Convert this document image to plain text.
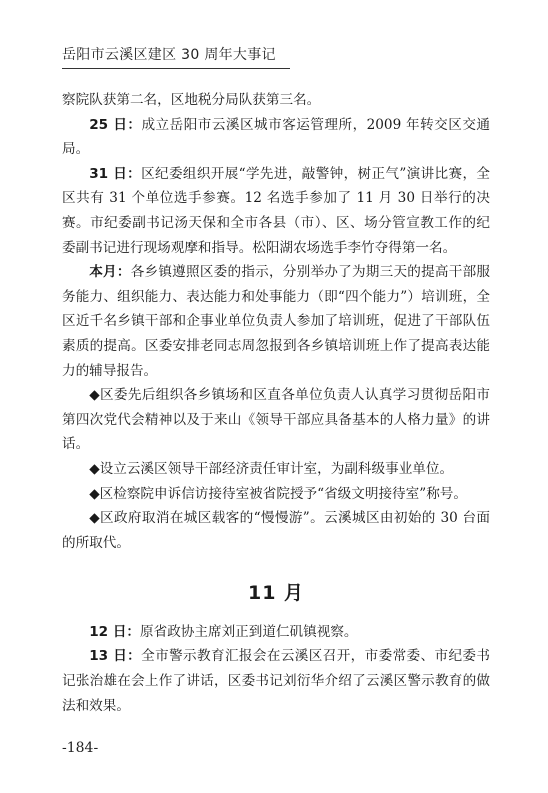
岳阳市云溪区建区 30 周年大事记

察院队获第二名，区地税分局队获第三名。

25 日：成立岳阳市云溪区城市客运管理所，2009 年转交区交通局。

31 日：区纪委组织开展“学先进，敲警钟，树正气”演讲比赛，全区共有 31 个单位选手参赛。12 名选手参加了 11 月 30 日举行的决赛。市纪委副书记汤天保和全市各县（市）、区、场分管宣教工作的纪委副书记进行现场观摩和指导。松阳湖农场选手李竹夺得第一名。

本月：各乡镇遵照区委的指示，分别举办了为期三天的提高干部服务能力、组织能力、表达能力和处事能力（即“四个能力”）培训班，全区近千名乡镇干部和企事业单位负责人参加了培训班，促进了干部队伍素质的提高。区委安排老同志周忽报到各乡镇培训班上作了提高表达能力的辅导报告。

◆区委先后组织各乡镇场和区直各单位负责人认真学习贯彻岳阳市第四次党代会精神以及于来山《领导干部应具备基本的人格力量》的讲话。

◆设立云溪区领导干部经济责任审计室，为副科级事业单位。

◆区检察院申诉信访接待室被省院授予“省级文明接待室”称号。

◆区政府取消在城区载客的“慢慢游”。云溪城区由初始的 30 台面的所取代。

11 月

12 日：原省政协主席刘正到道仁矶镇视察。

13 日：全市警示教育汇报会在云溪区召开，市委常委、市纪委书记张治雄在会上作了讲话，区委书记刘衍华介绍了云溪区警示教育的做法和效果。

-184-
